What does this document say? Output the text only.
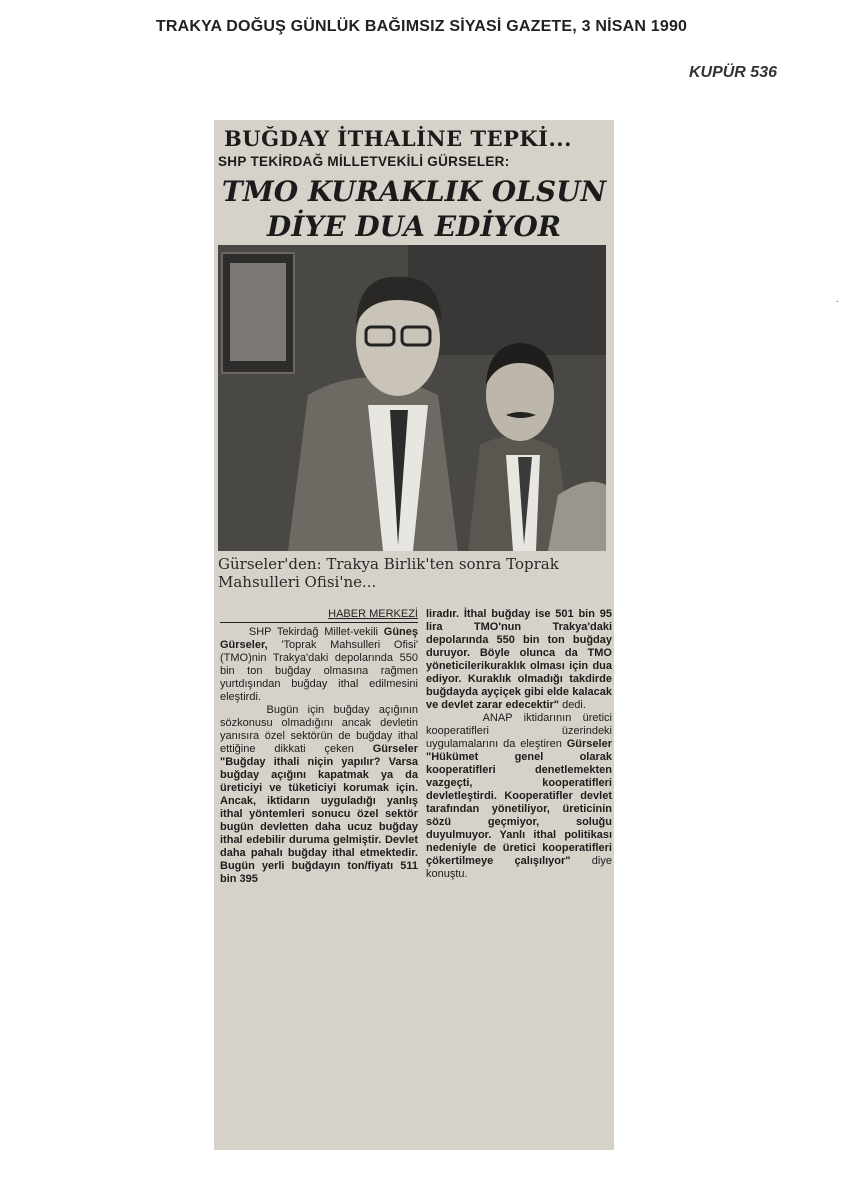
TRAKYA DOĞUŞ GÜNLÜK BAĞIMSIZ SİYASİ GAZETE, 3 NİSAN 1990
KUPÜR 536
·
BUĞDAY İTHALİNE TEPKİ...
SHP TEKİRDAĞ MİLLETVEKİLİ GÜRSELER:
TMO KURAKLIK OLSUN
DİYE DUA EDİYOR
Gürseler'den: Trakya Birlik'ten sonra Toprak Mahsulleri Ofisi'ne...
HABER MERKEZİ

SHP Tekirdağ Millet-vekili Güneş Gürseler, 'Toprak Mahsulleri Ofisi' (TMO)nin Trakya'daki depolarında 550 bin ton buğday olmasına rağmen yurtdışından buğday ithal edilmesini eleştirdi.

Bugün için buğday açığının sözkonusu olmadığını ancak devletin yanısıra özel sektörün de buğday ithal ettiğine dikkati çeken Gürseler "Buğday ithali niçin yapılır? Varsa buğday açığını kapatmak ya da üreticiyi ve tüketiciyi korumak için. Ancak, iktidarın uyguladığı yanlış ithal yöntemleri sonucu özel sektör bugün devletten daha ucuz buğday ithal edebilir duruma gelmiştir. Devlet daha pahalı buğday ithal etmektedir. Bugün yerli buğdayın ton/fiyatı 511 bin 395

liradır. İthal buğday ise 501 bin 95 lira TMO'nun Trakya'daki depolarında 550 bin ton buğday duruyor. Böyle olunca da TMO yöneticilerikuraklık olması için dua ediyor. Kuraklık olmadığı takdirde buğdayda ayçiçek gibi elde kalacak ve devlet zarar edecektir" dedi.

ANAP iktidarının üretici kooperatifleri üzerindeki uygulamalarını da eleştiren Gürseler "Hükümet genel olarak kooperatifleri denetlemekten vazgeçti, kooperatifleri devletleştirdi. Kooperatifler devlet tarafından yönetiliyor, üreticinin sözü geçmiyor, soluğu duyulmuyor. Yanlı ithal politikası nedeniyle de üretici kooperatifleri çökertilmeye çalışılıyor" diye konuştu.
